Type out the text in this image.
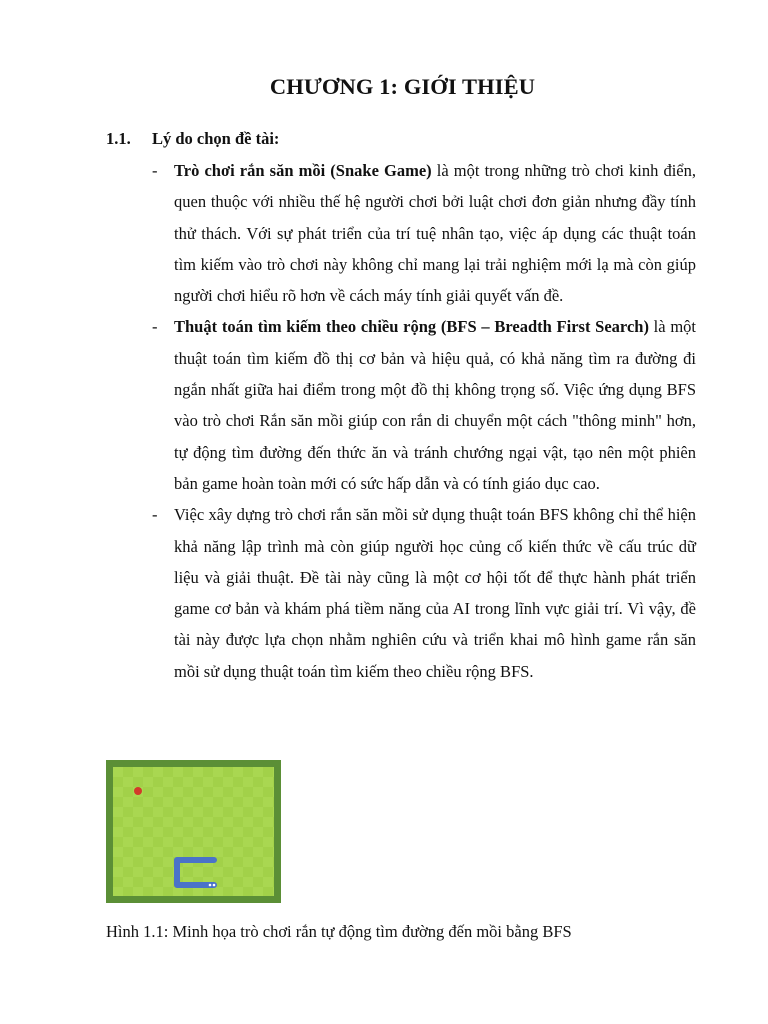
CHƯƠNG 1: GIỚI THIỆU
1.1. Lý do chọn đề tài:
- Trò chơi rắn săn mồi (Snake Game) là một trong những trò chơi kinh điển, quen thuộc với nhiều thế hệ người chơi bởi luật chơi đơn giản nhưng đầy tính thử thách. Với sự phát triển của trí tuệ nhân tạo, việc áp dụng các thuật toán tìm kiếm vào trò chơi này không chỉ mang lại trải nghiệm mới lạ mà còn giúp người chơi hiểu rõ hơn về cách máy tính giải quyết vấn đề.
- Thuật toán tìm kiếm theo chiều rộng (BFS – Breadth First Search) là một thuật toán tìm kiếm đồ thị cơ bản và hiệu quả, có khả năng tìm ra đường đi ngắn nhất giữa hai điểm trong một đồ thị không trọng số. Việc ứng dụng BFS vào trò chơi Rắn săn mồi giúp con rắn di chuyển một cách "thông minh" hơn, tự động tìm đường đến thức ăn và tránh chướng ngại vật, tạo nên một phiên bản game hoàn toàn mới có sức hấp dẫn và có tính giáo dục cao.
- Việc xây dựng trò chơi rắn săn mồi sử dụng thuật toán BFS không chỉ thể hiện khả năng lập trình mà còn giúp người học củng cố kiến thức về cấu trúc dữ liệu và giải thuật. Đề tài này cũng là một cơ hội tốt để thực hành phát triển game cơ bản và khám phá tiềm năng của AI trong lĩnh vực giải trí. Vì vậy, đề tài này được lựa chọn nhằm nghiên cứu và triển khai mô hình game rắn săn mồi sử dụng thuật toán tìm kiếm theo chiều rộng BFS.
Hình 1.1: Minh họa trò chơi rắn tự động tìm đường đến mồi bằng BFS
